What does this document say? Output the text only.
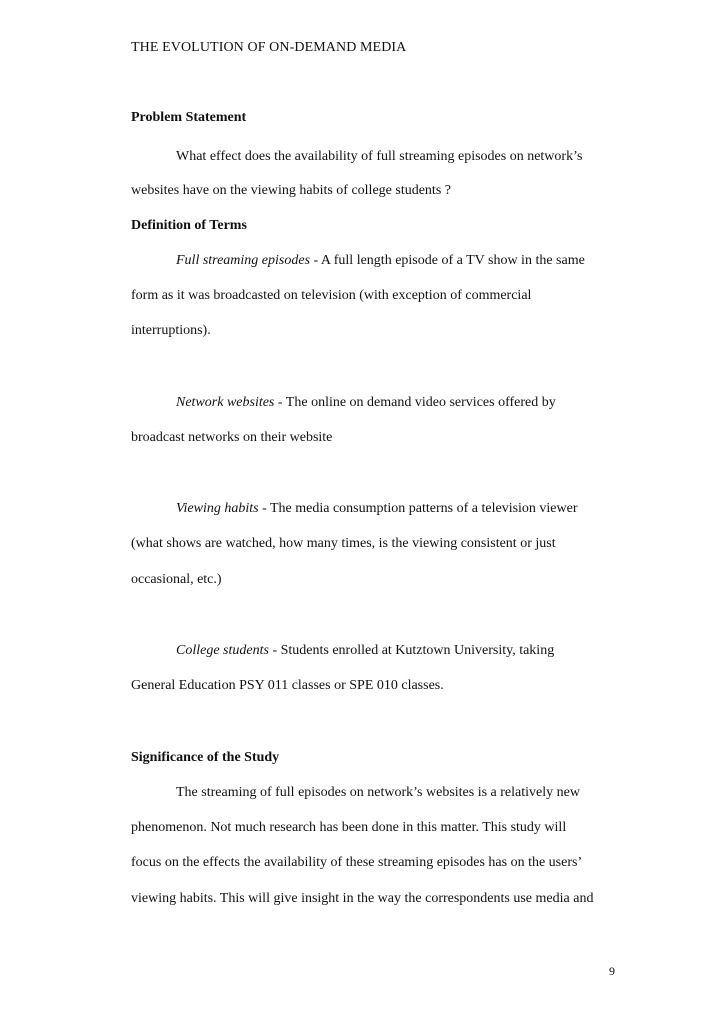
THE EVOLUTION OF ON-DEMAND MEDIA
Problem Statement
What effect does the availability of full streaming episodes on network’s
websites have on the viewing habits of college students ?
Definition of Terms
Full streaming episodes - A full length episode of a TV show in the same
form as it was broadcasted on television (with exception of commercial
interruptions).
Network websites - The online on demand video services offered by
broadcast networks on their website
Viewing habits - The media consumption patterns of a television viewer
(what shows are watched, how many times, is the viewing consistent or just
occasional, etc.)
College students - Students enrolled at Kutztown University, taking
General Education PSY 011 classes or SPE 010 classes.
Significance of the Study
The streaming of full episodes on network’s websites is a relatively new
phenomenon. Not much research has been done in this matter. This study will
focus on the effects the availability of these streaming episodes has on the users’
viewing habits. This will give insight in the way the correspondents use media and
9
